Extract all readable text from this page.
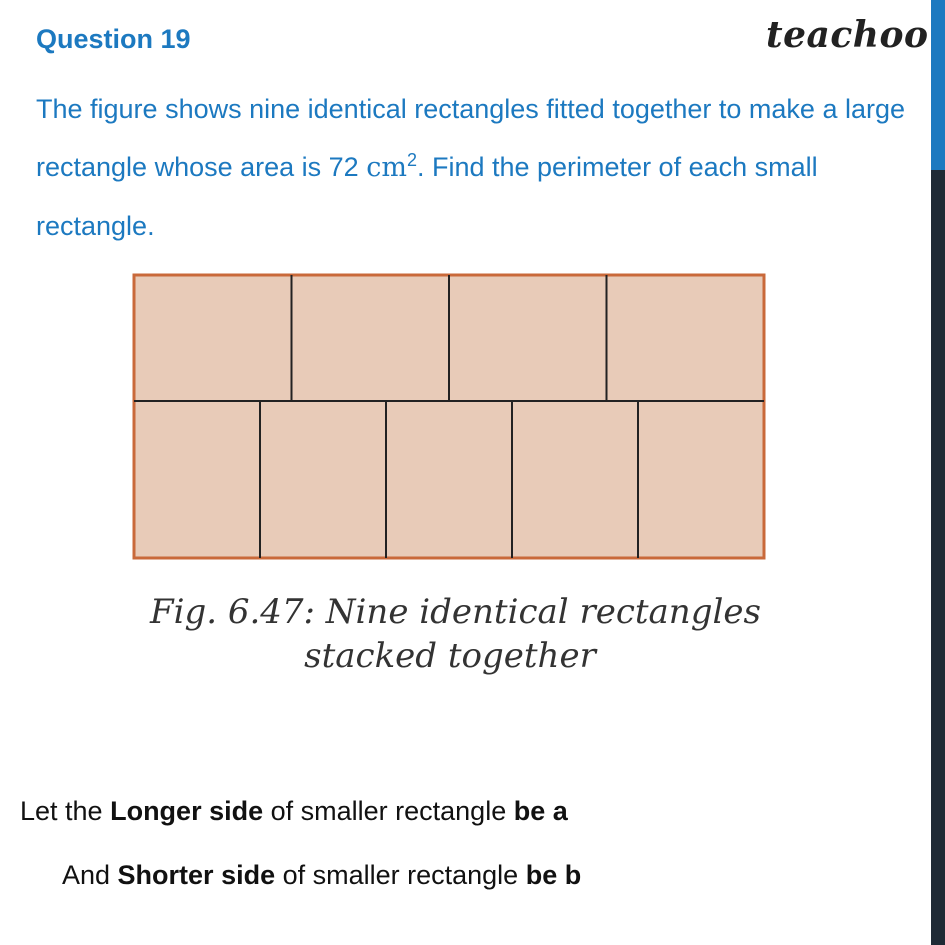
Question 19	teachoo
The figure shows nine identical rectangles fitted together to make a large rectangle whose area is 72 $cm^2$. Find the perimeter of each small rectangle.
Fig. 6.47: Nine identical rectangles
stacked together
Let the Longer side of smaller rectangle be a
And Shorter side of smaller rectangle be b
